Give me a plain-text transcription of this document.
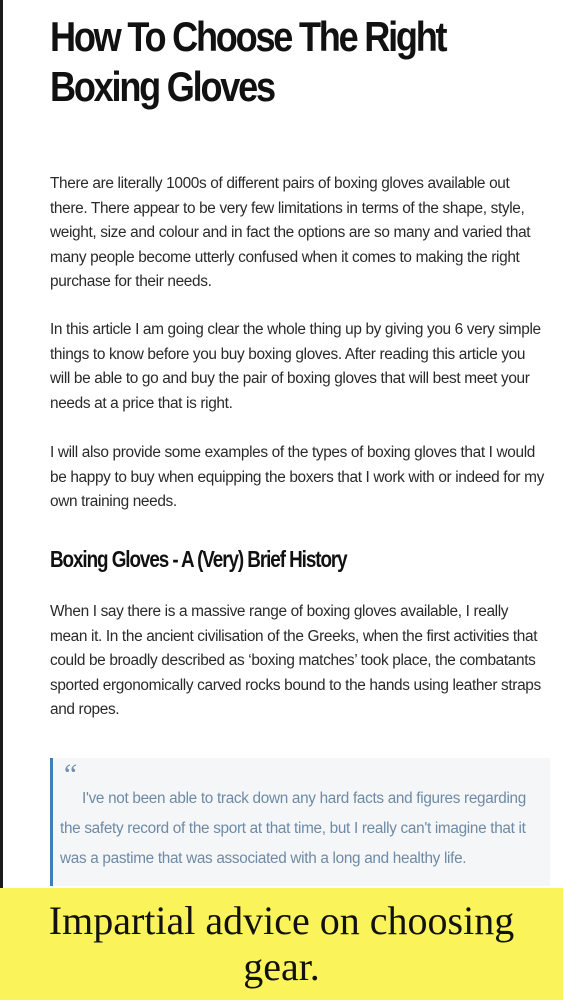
How To Choose The Right Boxing Gloves

There are literally 1000s of different pairs of boxing gloves available out there. There appear to be very few limitations in terms of the shape, style, weight, size and colour and in fact the options are so many and varied that many people become utterly confused when it comes to making the right purchase for their needs.

In this article I am going clear the whole thing up by giving you 6 very simple things to know before you buy boxing gloves. After reading this article you will be able to go and buy the pair of boxing gloves that will best meet your needs at a price that is right.

I will also provide some examples of the types of boxing gloves that I would be happy to buy when equipping the boxers that I work with or indeed for my own training needs.

Boxing Gloves - A (Very) Brief History

When I say there is a massive range of boxing gloves available, I really mean it. In the ancient civilisation of the Greeks, when the first activities that could be broadly described as ‘boxing matches’ took place, the combatants sported ergonomically carved rocks bound to the hands using leather straps and ropes.

“

I've not been able to track down any hard facts and figures regarding the safety record of the sport at that time, but I really can't imagine that it was a pastime that was associated with a long and healthy life.

Impartial advice on choosing gear.
